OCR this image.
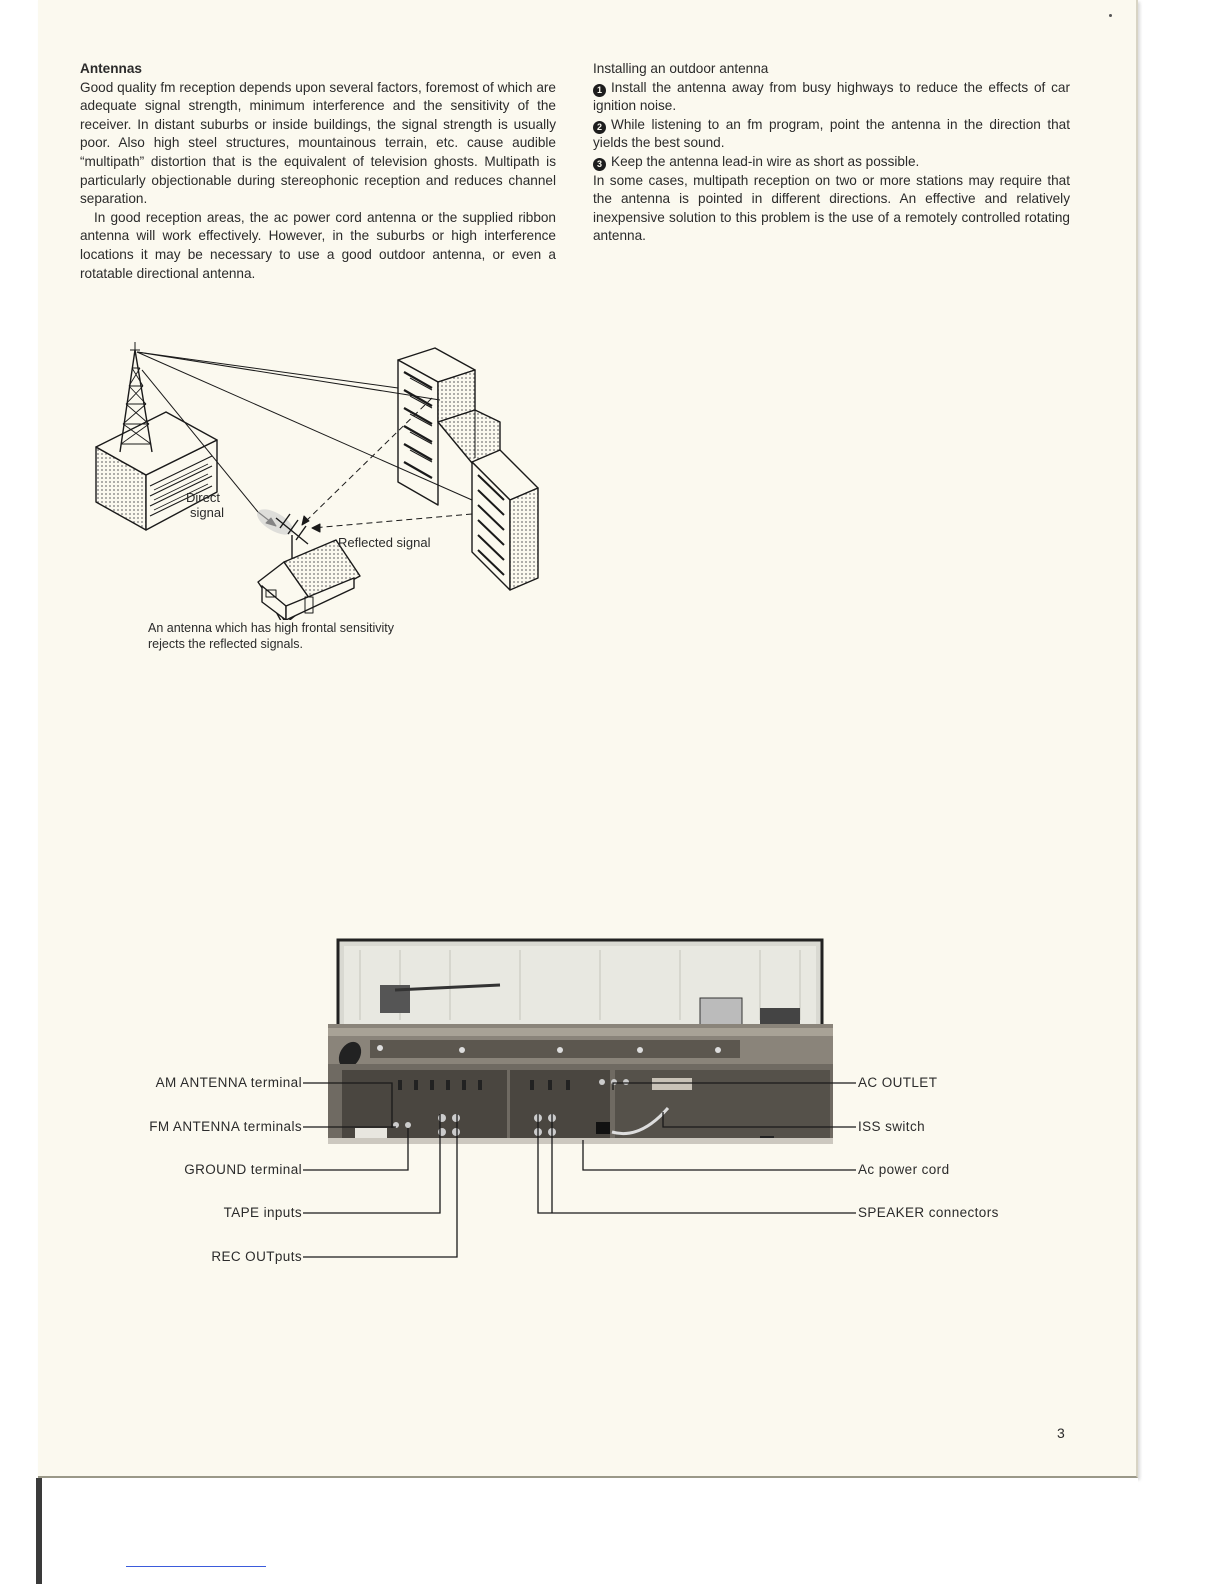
Antennas

Good quality fm reception depends upon several factors, foremost of which are adequate signal strength, minimum interference and the sensitivity of the receiver. In distant suburbs or inside buildings, the signal strength is usually poor. Also high steel structures, mountainous terrain, etc. cause audible “multipath” distortion that is the equivalent of television ghosts. Multipath is particularly objectionable during stereophonic reception and reduces channel separation.

In good reception areas, the ac power cord antenna or the supplied ribbon antenna will work effectively. However, in the suburbs or high interference locations it may be necessary to use a good outdoor antenna, or even a rotatable directional antenna.

Installing an outdoor antenna

1 Install the antenna away from busy highways to reduce the effects of car ignition noise.

2 While listening to an fm program, point the antenna in the direction that yields the best sound.

3 Keep the antenna lead-in wire as short as possible.

In some cases, multipath reception on two or more stations may require that the antenna is pointed in different directions. An effective and relatively inexpensive solution to this problem is the use of a remotely controlled rotating antenna.

Direct
signal
Reflected signal

An antenna which has high frontal sensitivity

rejects the reflected signals.

AM ANTENNA terminal
FM ANTENNA terminals
GROUND terminal
TAPE inputs
REC OUTputs
AC OUTLET
ISS switch
Ac power cord
SPEAKER connectors
3
